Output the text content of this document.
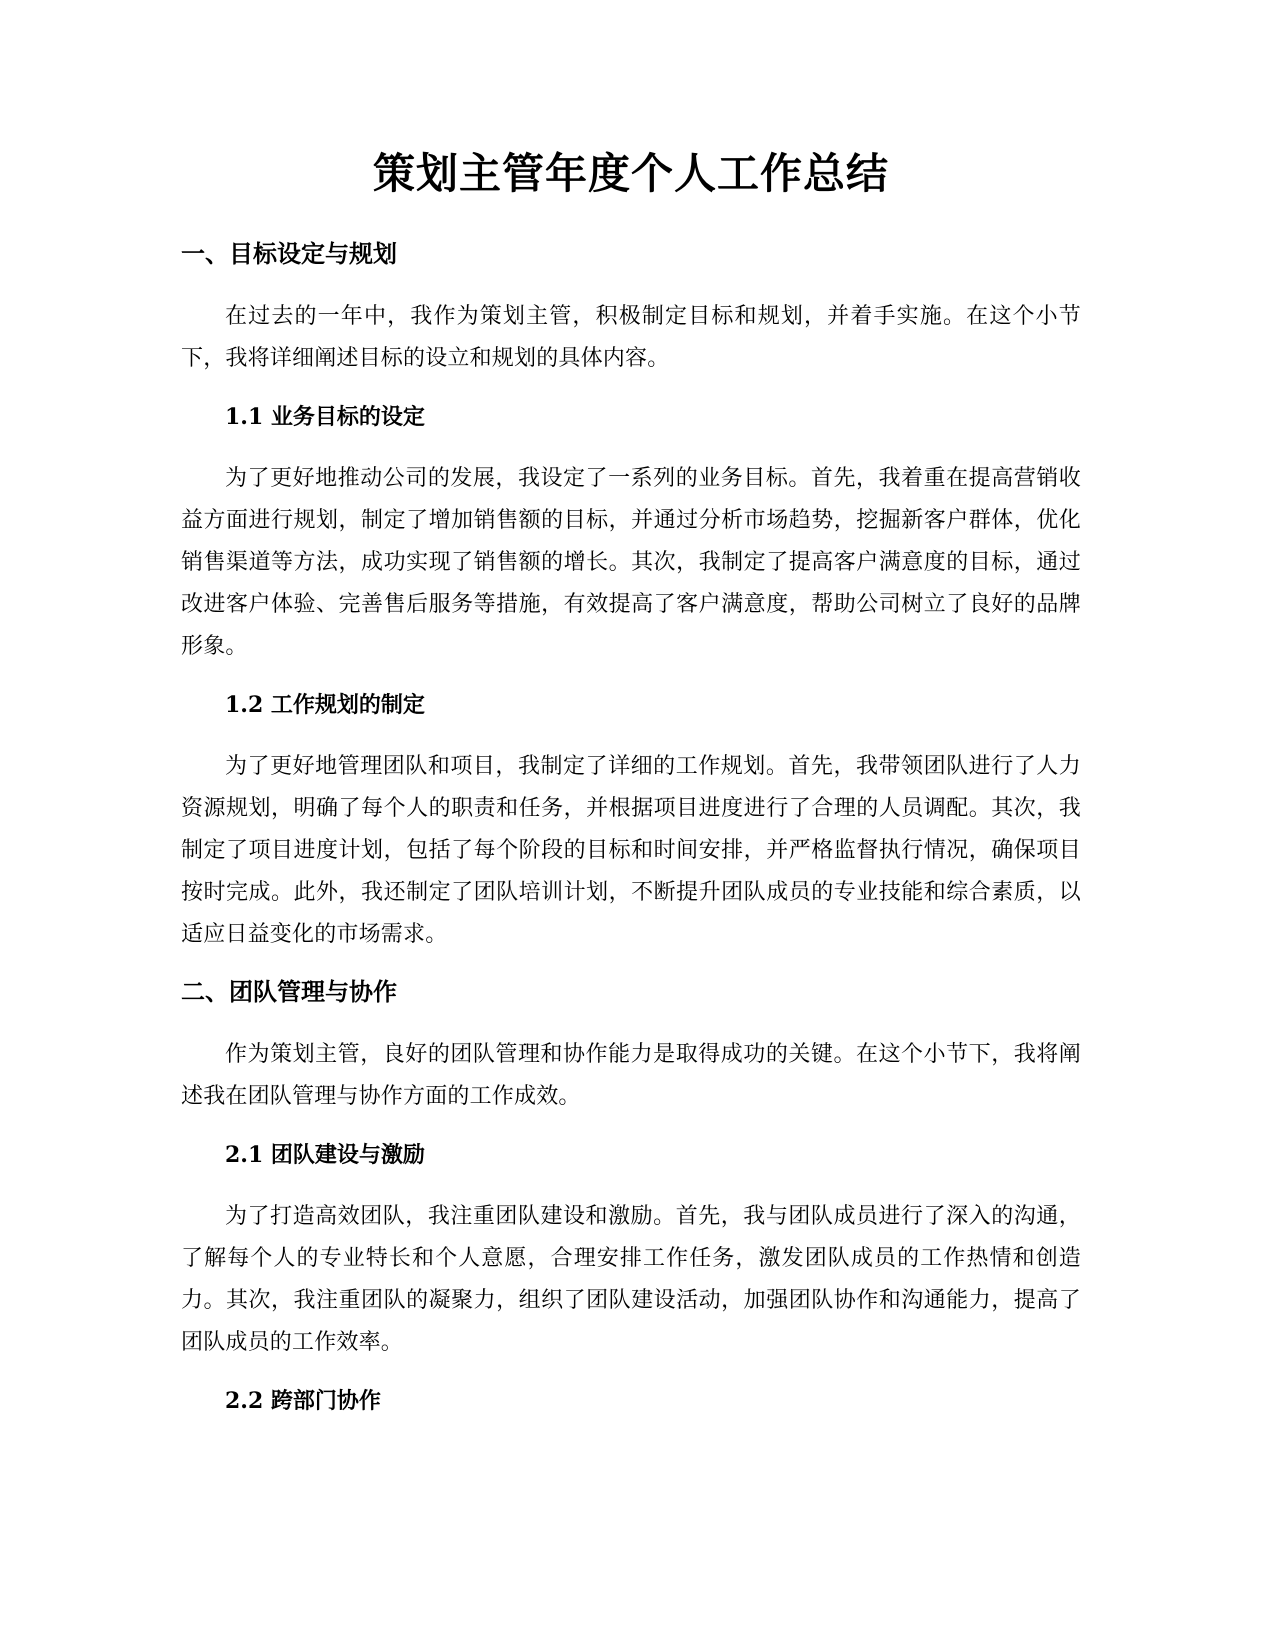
策划主管年度个人工作总结
一、目标设定与规划

在过去的一年中，我作为策划主管，积极制定目标和规划，并着手实施。在这个小节下，我将详细阐述目标的设立和规划的具体内容。

1.1 业务目标的设定

为了更好地推动公司的发展，我设定了一系列的业务目标。首先，我着重在提高营销收益方面进行规划，制定了增加销售额的目标，并通过分析市场趋势，挖掘新客户群体，优化销售渠道等方法，成功实现了销售额的增长。其次，我制定了提高客户满意度的目标，通过改进客户体验、完善售后服务等措施，有效提高了客户满意度，帮助公司树立了良好的品牌形象。

1.2 工作规划的制定

为了更好地管理团队和项目，我制定了详细的工作规划。首先，我带领团队进行了人力资源规划，明确了每个人的职责和任务，并根据项目进度进行了合理的人员调配。其次，我制定了项目进度计划，包括了每个阶段的目标和时间安排，并严格监督执行情况，确保项目按时完成。此外，我还制定了团队培训计划，不断提升团队成员的专业技能和综合素质，以适应日益变化的市场需求。

二、团队管理与协作

作为策划主管，良好的团队管理和协作能力是取得成功的关键。在这个小节下，我将阐述我在团队管理与协作方面的工作成效。

2.1 团队建设与激励

为了打造高效团队，我注重团队建设和激励。首先，我与团队成员进行了深入的沟通，了解每个人的专业特长和个人意愿，合理安排工作任务，激发团队成员的工作热情和创造力。其次，我注重团队的凝聚力，组织了团队建设活动，加强团队协作和沟通能力，提高了团队成员的工作效率。

2.2 跨部门协作
